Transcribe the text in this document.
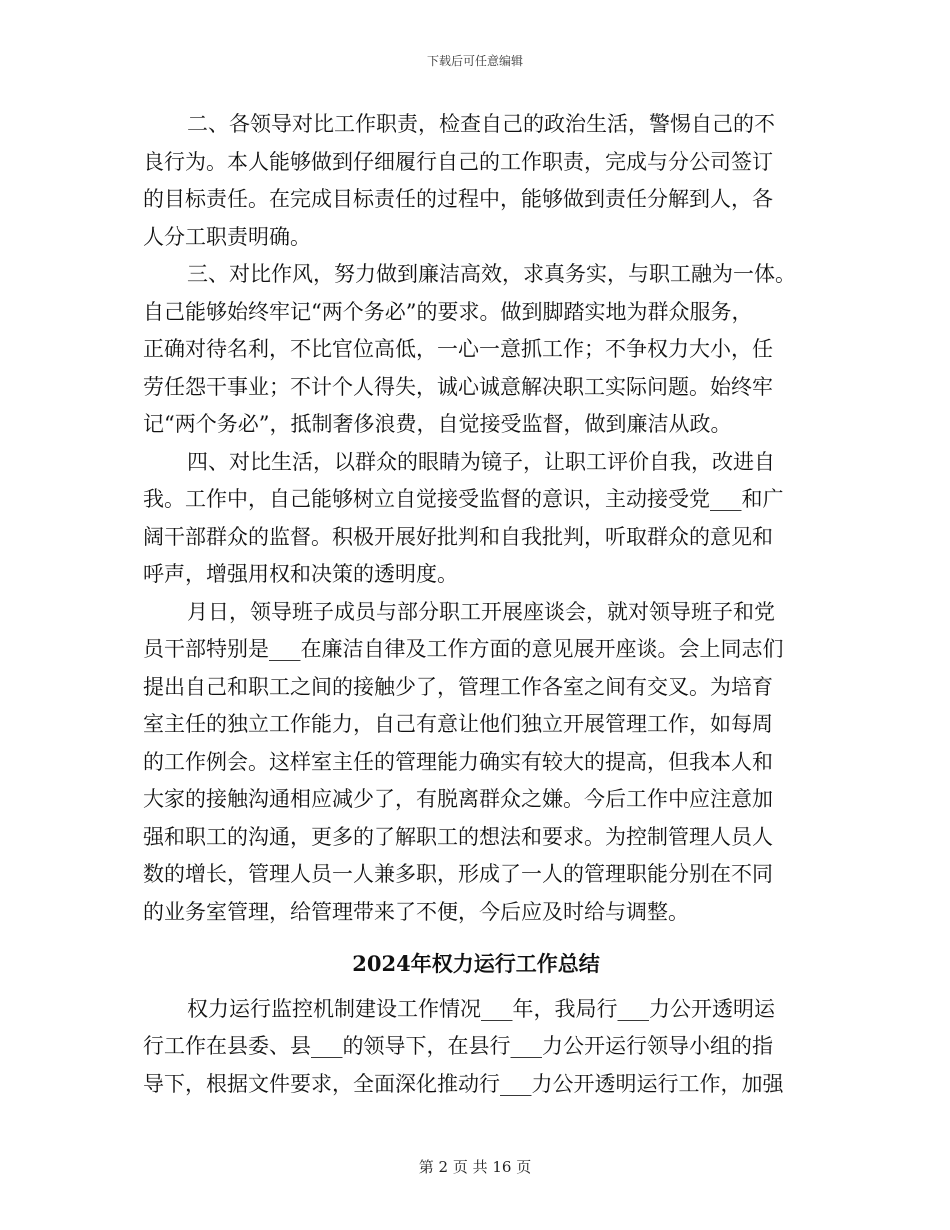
下载后可任意编辑
二、各领导对比工作职责，检查自己的政治生活，警惕自己的不
良行为。本人能够做到仔细履行自己的工作职责，完成与分公司签订
的目标责任。在完成目标责任的过程中，能够做到责任分解到人，各
人分工职责明确。
三、对比作风，努力做到廉洁高效，求真务实，与职工融为一体。
自己能够始终牢记“两个务必”的要求。做到脚踏实地为群众服务，
正确对待名利，不比官位高低，一心一意抓工作；不争权力大小，任
劳任怨干事业；不计个人得失，诚心诚意解决职工实际问题。始终牢
记“两个务必”，抵制奢侈浪费，自觉接受监督，做到廉洁从政。
四、对比生活，以群众的眼睛为镜子，让职工评价自我，改进自
我。工作中，自己能够树立自觉接受监督的意识，主动接受党___和广
阔干部群众的监督。积极开展好批判和自我批判，听取群众的意见和
呼声，增强用权和决策的透明度。
月日，领导班子成员与部分职工开展座谈会，就对领导班子和党
员干部特别是___在廉洁自律及工作方面的意见展开座谈。会上同志们
提出自己和职工之间的接触少了，管理工作各室之间有交叉。为培育
室主任的独立工作能力，自己有意让他们独立开展管理工作，如每周
的工作例会。这样室主任的管理能力确实有较大的提高，但我本人和
大家的接触沟通相应减少了，有脱离群众之嫌。今后工作中应注意加
强和职工的沟通，更多的了解职工的想法和要求。为控制管理人员人
数的增长，管理人员一人兼多职，形成了一人的管理职能分别在不同
的业务室管理，给管理带来了不便，今后应及时给与调整。
2024年权力运行工作总结
权力运行监控机制建设工作情况___年，我局行___力公开透明运
行工作在县委、县___的领导下，在县行___力公开运行领导小组的指
导下，根据文件要求，全面深化推动行___力公开透明运行工作，加强
第 2 页 共 16 页
